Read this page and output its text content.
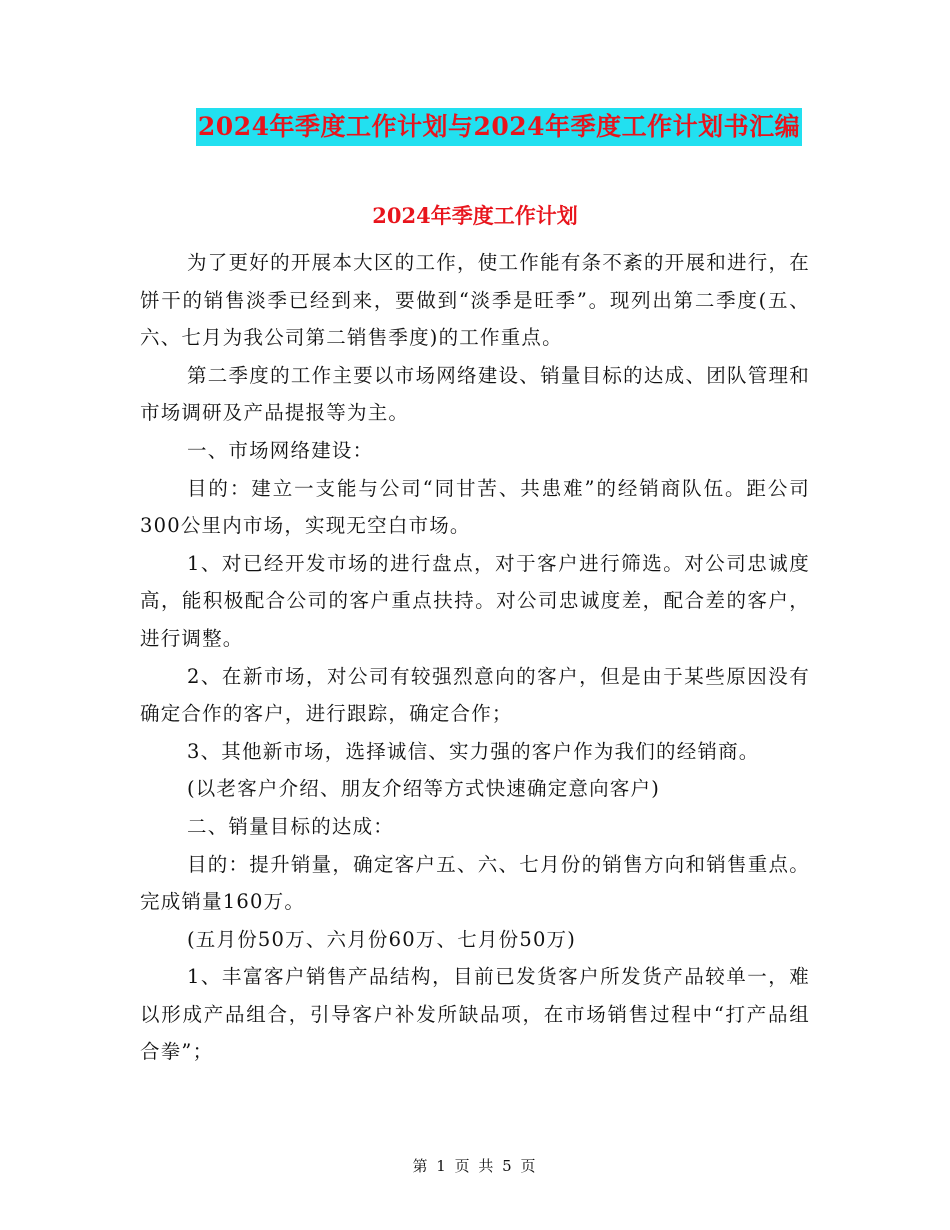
2024年季度工作计划与2024年季度工作计划书汇编
2024年季度工作计划

为了更好的开展本大区的工作，使工作能有条不紊的开展和进行，在饼干的销售淡季已经到来，要做到“淡季是旺季”。现列出第二季度(五、六、七月为我公司第二销售季度)的工作重点。

第二季度的工作主要以市场网络建设、销量目标的达成、团队管理和市场调研及产品提报等为主。

一、市场网络建设：

目的：建立一支能与公司“同甘苦、共患难”的经销商队伍。距公司300公里内市场，实现无空白市场。

1、对已经开发市场的进行盘点，对于客户进行筛选。对公司忠诚度高，能积极配合公司的客户重点扶持。对公司忠诚度差，配合差的客户，进行调整。

2、在新市场，对公司有较强烈意向的客户，但是由于某些原因没有确定合作的客户，进行跟踪，确定合作；

3、其他新市场，选择诚信、实力强的客户作为我们的经销商。

(以老客户介绍、朋友介绍等方式快速确定意向客户)

二、销量目标的达成：

目的：提升销量，确定客户五、六、七月份的销售方向和销售重点。完成销量160万。

(五月份50万、六月份60万、七月份50万)

1、丰富客户销售产品结构，目前已发货客户所发货产品较单一，难以形成产品组合，引导客户补发所缺品项，在市场销售过程中“打产品组合拳”；

第 1 页 共 5 页
